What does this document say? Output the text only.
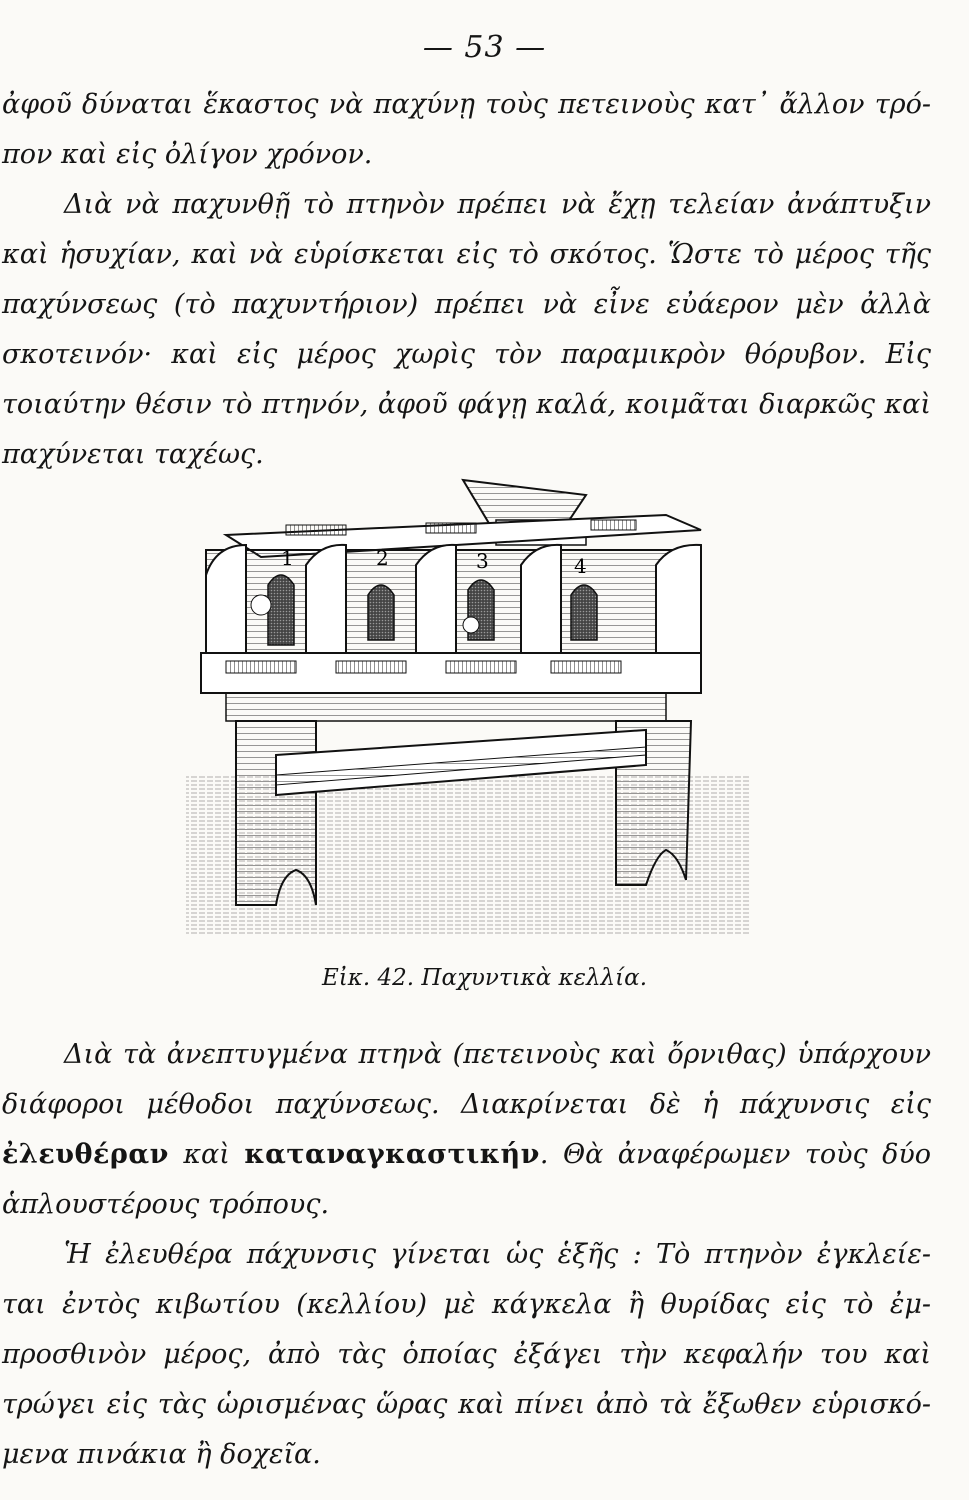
— 53 —
ἀφοῦ δύναται ἕκαστος νὰ παχύνῃ τοὺς πετεινοὺς κατ᾿ ἄλλον τρό-
πον καὶ εἰς ὀλίγον χρόνον.
Διὰ νὰ παχυνθῇ τὸ πτηνὸν πρέπει νὰ ἔχῃ τελείαν ἀνάπτυξιν
καὶ ἡσυχίαν, καὶ νὰ εὑρίσκεται εἰς τὸ σκότος. Ὥστε τὸ μέρος τῆς
παχύνσεως (τὸ παχυντήριον) πρέπει νὰ εἶνε εὐάερον μὲν ἀλλὰ
σκοτεινόν· καὶ εἰς μέρος χωρὶς τὸν παραμικρὸν θόρυβον. Εἰς
τοιαύτην θέσιν τὸ πτηνόν, ἀφοῦ φάγῃ καλά, κοιμᾶται διαρκῶς καὶ
παχύνεται ταχέως.
1	2	3	4
Εἰκ. 42. Παχυντικὰ κελλία.
Διὰ τὰ ἀνεπτυγμένα πτηνὰ (πετεινοὺς καὶ ὄρνιθας) ὑπάρχουν
διάφοροι μέθοδοι παχύνσεως. Διακρίνεται δὲ ἡ πάχυνσις εἰς
ἐλευθέραν καὶ καταναγκαστικήν. Θὰ ἀναφέρωμεν τοὺς δύο
ἁπλουστέρους τρόπους.
Ἡ ἐλευθέρα πάχυνσις γίνεται ὡς ἑξῆς : Τὸ πτηνὸν ἐγκλείε-
ται ἐντὸς κιβωτίου (κελλίου) μὲ κάγκελα ἢ θυρίδας εἰς τὸ ἐμ-
προσθινὸν μέρος, ἀπὸ τὰς ὁποίας ἐξάγει τὴν κεφαλήν του καὶ
τρώγει εἰς τὰς ὡρισμένας ὥρας καὶ πίνει ἀπὸ τὰ ἔξωθεν εὑρισκό-
μενα πινάκια ἢ δοχεῖα.
